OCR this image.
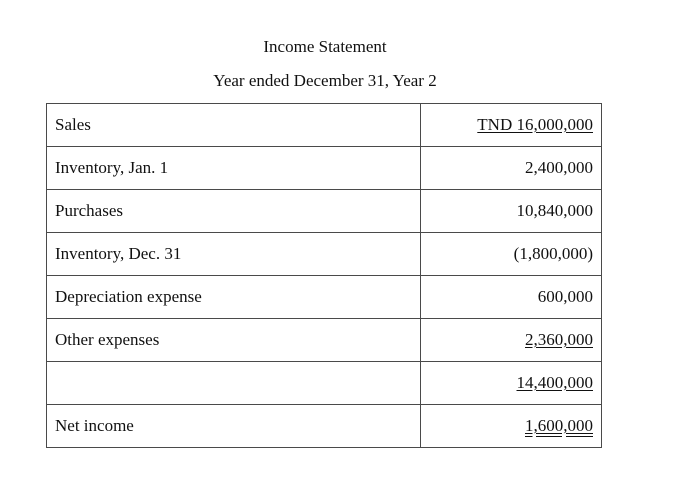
Income Statement
Year ended December 31, Year 2
Sales	TND 16,000,000
Inventory, Jan. 1	2,400,000
Purchases	10,840,000
Inventory, Dec. 31	(1,800,000)
Depreciation expense	600,000
Other expenses	2,360,000
	14,400,000
Net income	1,600,000
